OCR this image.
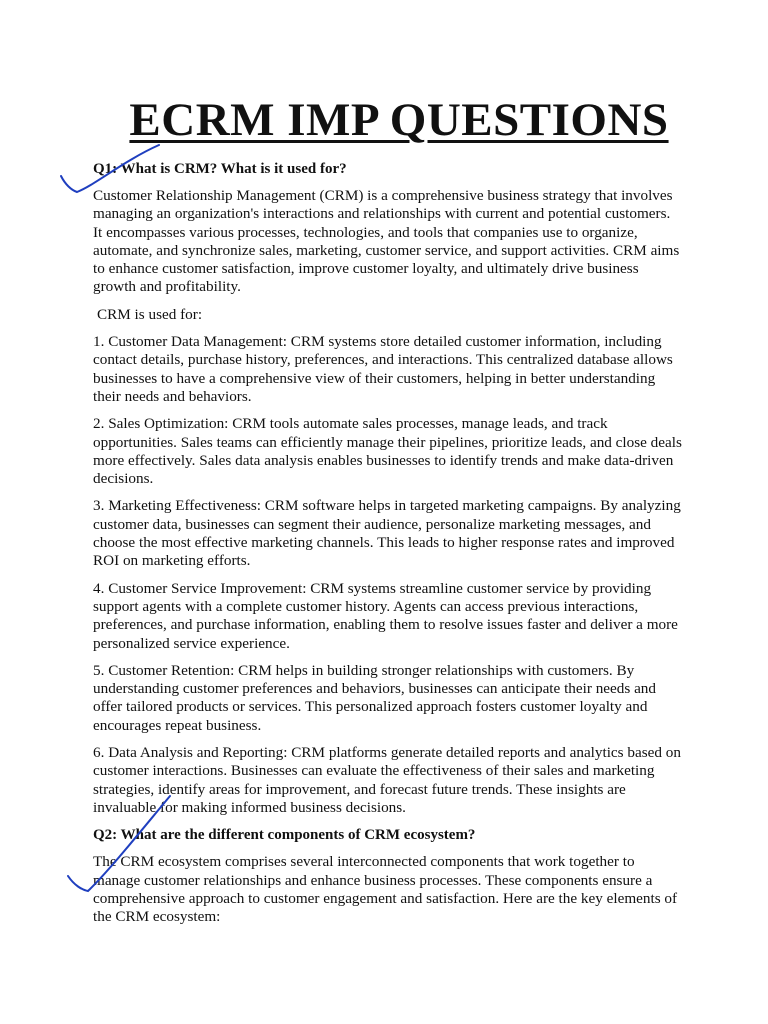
ECRM IMP QUESTIONS
Q1: What is CRM? What is it used for?

Customer Relationship Management (CRM) is a comprehensive business strategy that involves managing an organization's interactions and relationships with current and potential customers. It encompasses various processes, technologies, and tools that companies use to organize, automate, and synchronize sales, marketing, customer service, and support activities. CRM aims to enhance customer satisfaction, improve customer loyalty, and ultimately drive business growth and profitability.

CRM is used for:

1. Customer Data Management: CRM systems store detailed customer information, including contact details, purchase history, preferences, and interactions. This centralized database allows businesses to have a comprehensive view of their customers, helping in better understanding their needs and behaviors.

2. Sales Optimization: CRM tools automate sales processes, manage leads, and track opportunities. Sales teams can efficiently manage their pipelines, prioritize leads, and close deals more effectively. Sales data analysis enables businesses to identify trends and make data-driven decisions.

3. Marketing Effectiveness: CRM software helps in targeted marketing campaigns. By analyzing customer data, businesses can segment their audience, personalize marketing messages, and choose the most effective marketing channels. This leads to higher response rates and improved ROI on marketing efforts.

4. Customer Service Improvement: CRM systems streamline customer service by providing support agents with a complete customer history. Agents can access previous interactions, preferences, and purchase information, enabling them to resolve issues faster and deliver a more personalized service experience.

5. Customer Retention: CRM helps in building stronger relationships with customers. By understanding customer preferences and behaviors, businesses can anticipate their needs and offer tailored products or services. This personalized approach fosters customer loyalty and encourages repeat business.

6. Data Analysis and Reporting: CRM platforms generate detailed reports and analytics based on customer interactions. Businesses can evaluate the effectiveness of their sales and marketing strategies, identify areas for improvement, and forecast future trends. These insights are invaluable for making informed business decisions.

Q2: What are the different components of CRM ecosystem?

The CRM ecosystem comprises several interconnected components that work together to manage customer relationships and enhance business processes. These components ensure a comprehensive approach to customer engagement and satisfaction. Here are the key elements of the CRM ecosystem:
